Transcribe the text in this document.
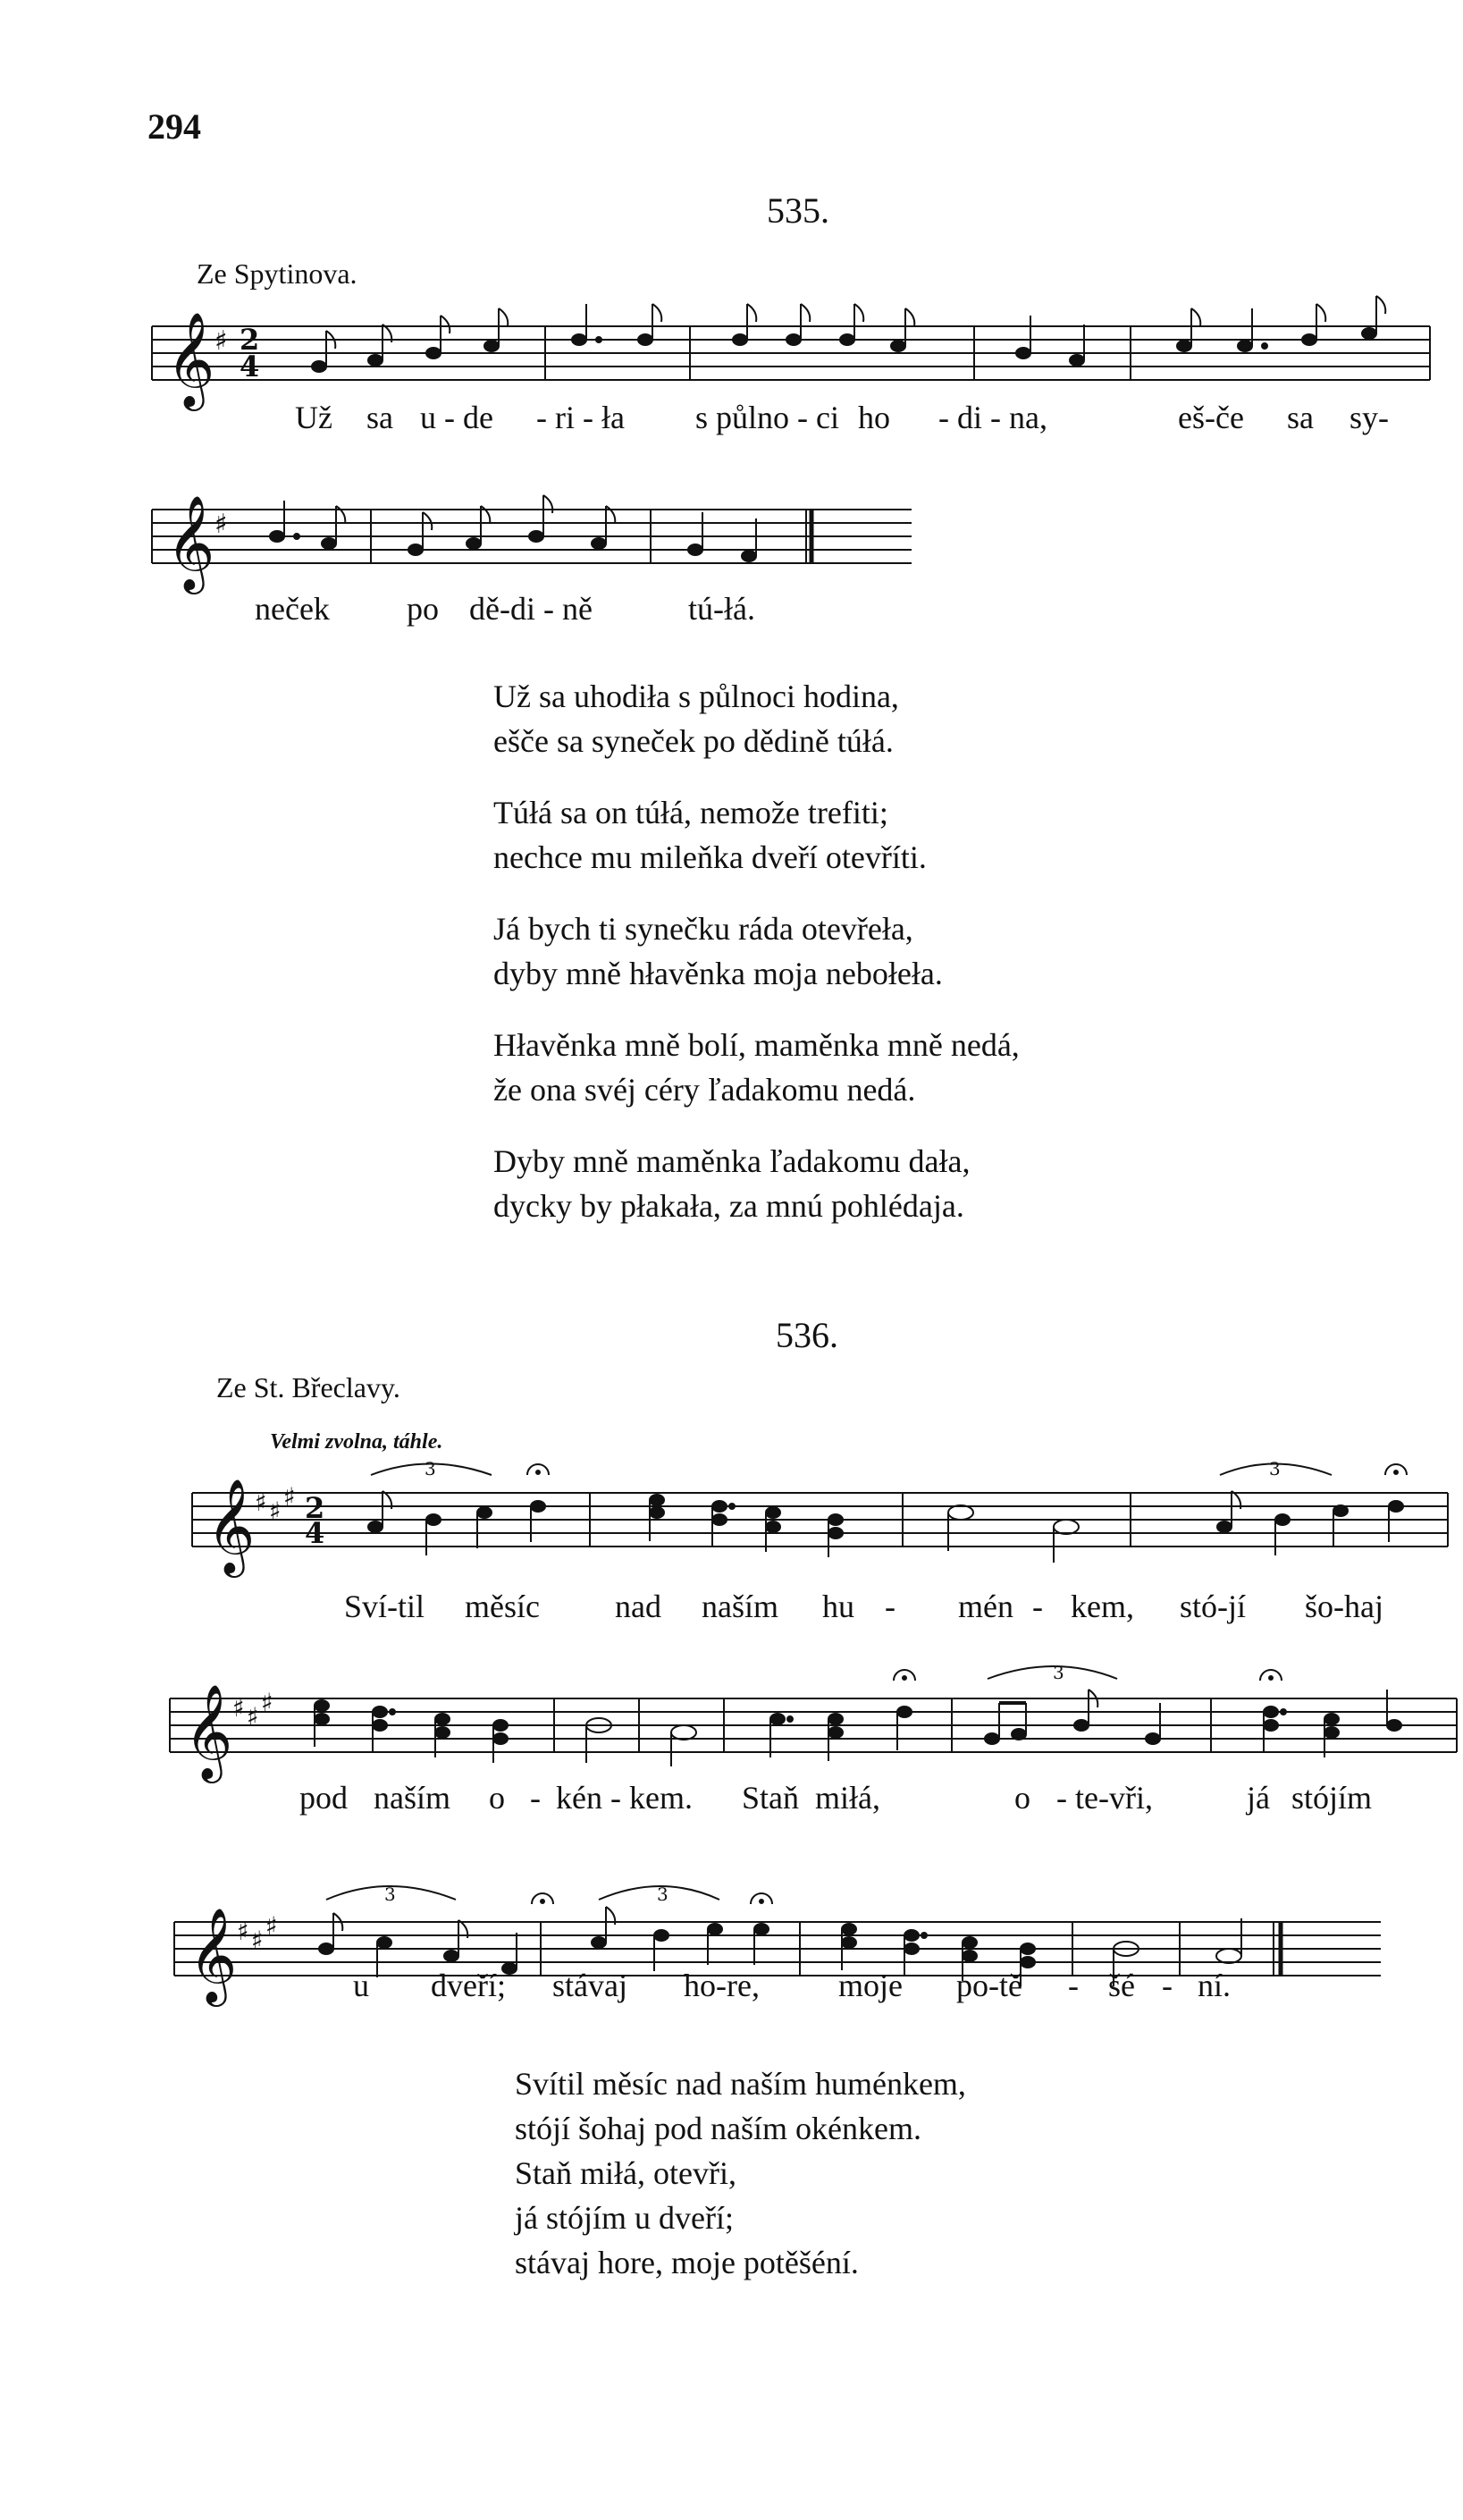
294
535.
Ze Spytinova.
𝄞 ♯ 2
4
Už sa u - de - ri - ła s půlno - ci ho - di - na,	eš-če sa sy-
𝄞 ♯
neček po dě-di - ně	tú-łá.
Už sa uhodiła s půlnoci hodina,
ešče sa syneček po dědině túłá.
Túłá sa on túłá, nemože trefiti;
nechce mu mileňka dveří otevříti.
Já bych ti synečku ráda otevřeła,
dyby mně hłavěnka moja nebołeła.
Hłavěnka mně bolí, maměnka mně nedá,
že ona svéj céry ľadakomu nedá.
Dyby mně maměnka ľadakomu dała,
dycky by płakała, za mnú pohlédaja.
536.
Ze St. Břeclavy.
Velmi zvolna, táhle.
𝄞 ♯ ♯ ♯ 2
4
3	3
Sví-til měsíc nad naším hu - mén - kem, stó-jí šo-haj
𝄞 ♯ ♯ ♯
3
pod naším o - kén - kem. Staň miłá,	o - te-vři,	já stójím
𝄞 ♯ ♯ ♯
3	3
u dveří; stávaj ho-re, moje po-tě - šé - ní.
Svítil měsíc nad naším huménkem,
stójí šohaj pod naším okénkem.
Staň miłá, otevři,
já stójím u dveří;
stávaj hore, moje potěšéní.
